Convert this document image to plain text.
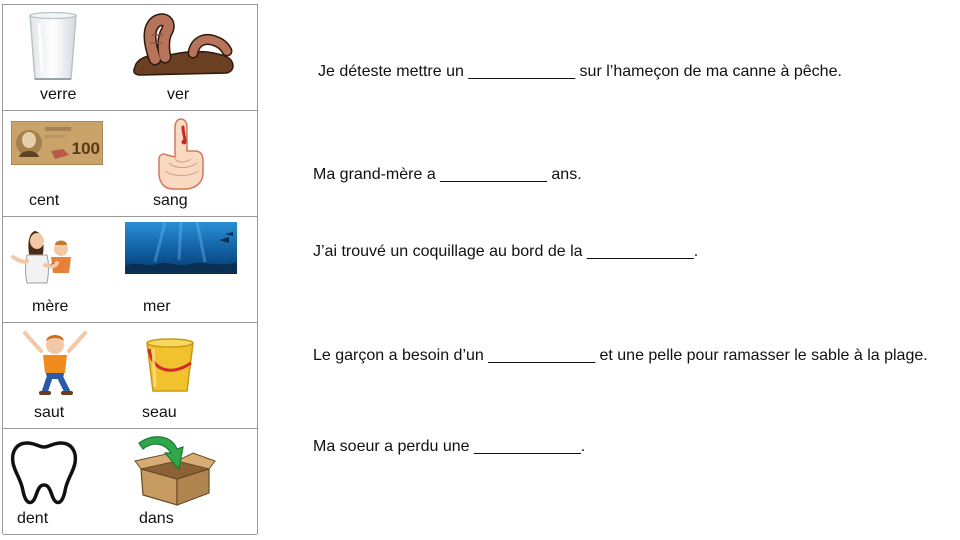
verre	ver
100
cent	sang
mère	mer
saut	seau
dent	dans
Je déteste mettre un ____________ sur l’hameçon de ma canne à pêche.
Ma grand-mère a ____________ ans.
J’ai trouvé un coquillage au bord de la ____________.
Le garçon a besoin d’un ____________ et une pelle pour ramasser le sable à la plage.
Ma soeur a perdu une ____________.
